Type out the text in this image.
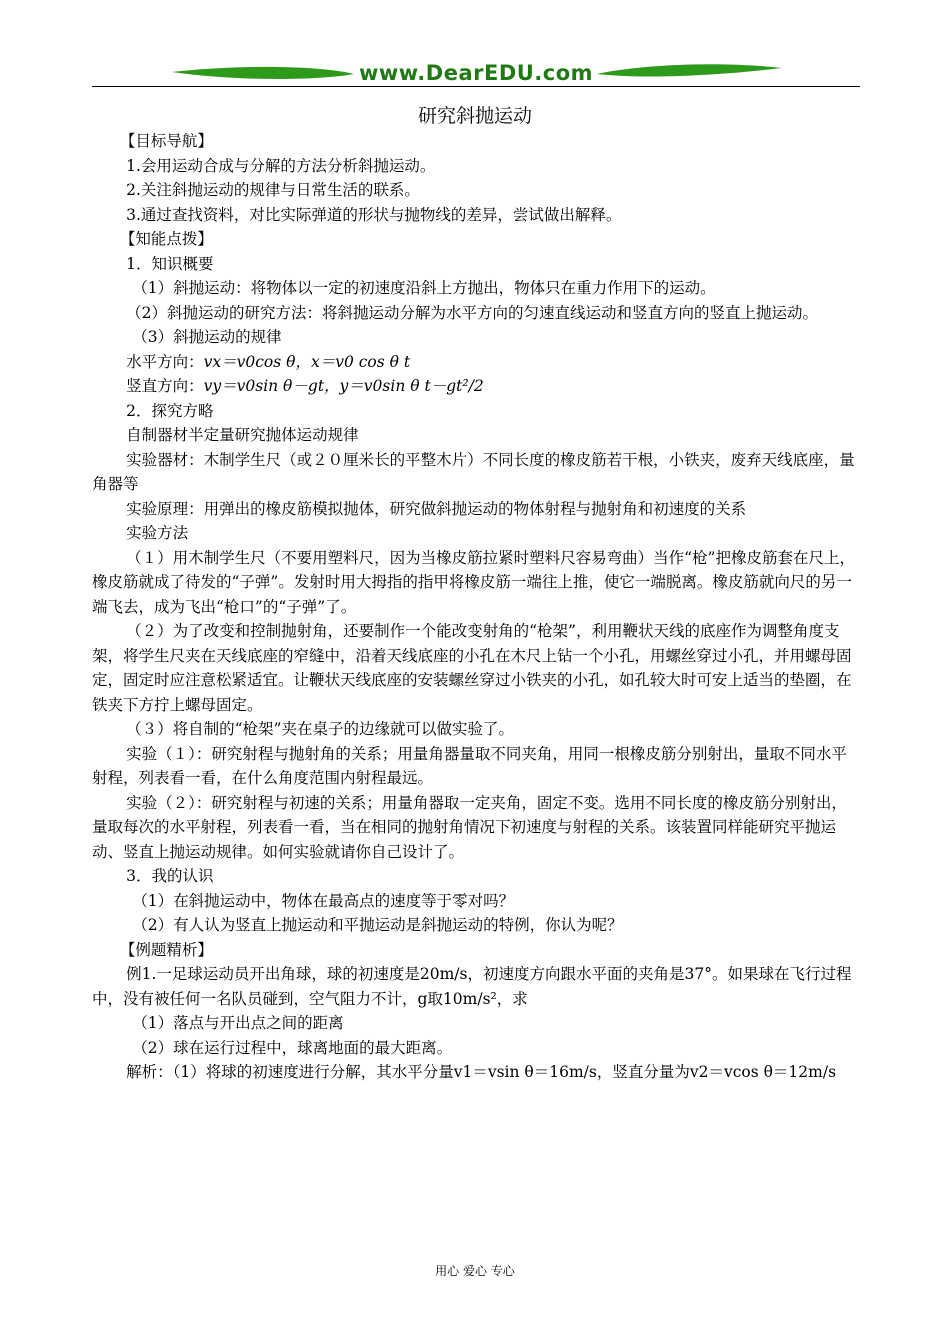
www.DearEDU.com
研究斜抛运动

【目标导航】

1.会用运动合成与分解的方法分析斜抛运动。

2.关注斜抛运动的规律与日常生活的联系。

3.通过查找资料，对比实际弹道的形状与抛物线的差异，尝试做出解释。

【知能点拨】

1．知识概要

（1）斜抛运动：将物体以一定的初速度沿斜上方抛出，物体只在重力作用下的运动。

（2）斜抛运动的研究方法：将斜抛运动分解为水平方向的匀速直线运动和竖直方向的竖直上抛运动。

（3）斜抛运动的规律

水平方向：vx＝v0cos θ，x＝v0 cos θ t

竖直方向：vy＝v0sin θ－gt，y＝v0sin θ t－gt²/2

2．探究方略

自制器材半定量研究抛体运动规律

实验器材：木制学生尺（或２０厘米长的平整木片）不同长度的橡皮筋若干根，小铁夹，废弃天线底座，量角器等

实验原理：用弹出的橡皮筋模拟抛体，研究做斜抛运动的物体射程与抛射角和初速度的关系

实验方法

（１）用木制学生尺（不要用塑料尺，因为当橡皮筋拉紧时塑料尺容易弯曲）当作“枪”把橡皮筋套在尺上，橡皮筋就成了待发的“子弹”。发射时用大拇指的指甲将橡皮筋一端往上推，使它一端脱离。橡皮筋就向尺的另一端飞去，成为飞出“枪口”的“子弹”了。

（２）为了改变和控制抛射角，还要制作一个能改变射角的“枪架”，利用鞭状天线的底座作为调整角度支架，将学生尺夹在天线底座的窄缝中，沿着天线底座的小孔在木尺上钻一个小孔，用螺丝穿过小孔，并用螺母固定，固定时应注意松紧适宜。让鞭状天线底座的安装螺丝穿过小铁夹的小孔，如孔较大时可安上适当的垫圈，在铁夹下方拧上螺母固定。

（３）将自制的“枪架”夹在桌子的边缘就可以做实验了。

实验（１）：研究射程与抛射角的关系；用量角器量取不同夹角，用同一根橡皮筋分别射出，量取不同水平射程，列表看一看，在什么角度范围内射程最远。

实验（２）：研究射程与初速的关系；用量角器取一定夹角，固定不变。选用不同长度的橡皮筋分别射出，量取每次的水平射程，列表看一看，当在相同的抛射角情况下初速度与射程的关系。该装置同样能研究平抛运动、竖直上抛运动规律。如何实验就请你自己设计了。

3．我的认识

（1）在斜抛运动中，物体在最高点的速度等于零对吗？

（2）有人认为竖直上抛运动和平抛运动是斜抛运动的特例，你认为呢？

【例题精析】

例1.一足球运动员开出角球，球的初速度是20m/s，初速度方向跟水平面的夹角是37°。如果球在飞行过程中，没有被任何一名队员碰到，空气阻力不计，g取10m/s²，求

（1）落点与开出点之间的距离

（2）球在运行过程中，球离地面的最大距离。

解析：（1）将球的初速度进行分解，其水平分量v1＝vsin θ＝16m/s，竖直分量为v2＝vcos θ＝12m/s

用心 爱心 专心
